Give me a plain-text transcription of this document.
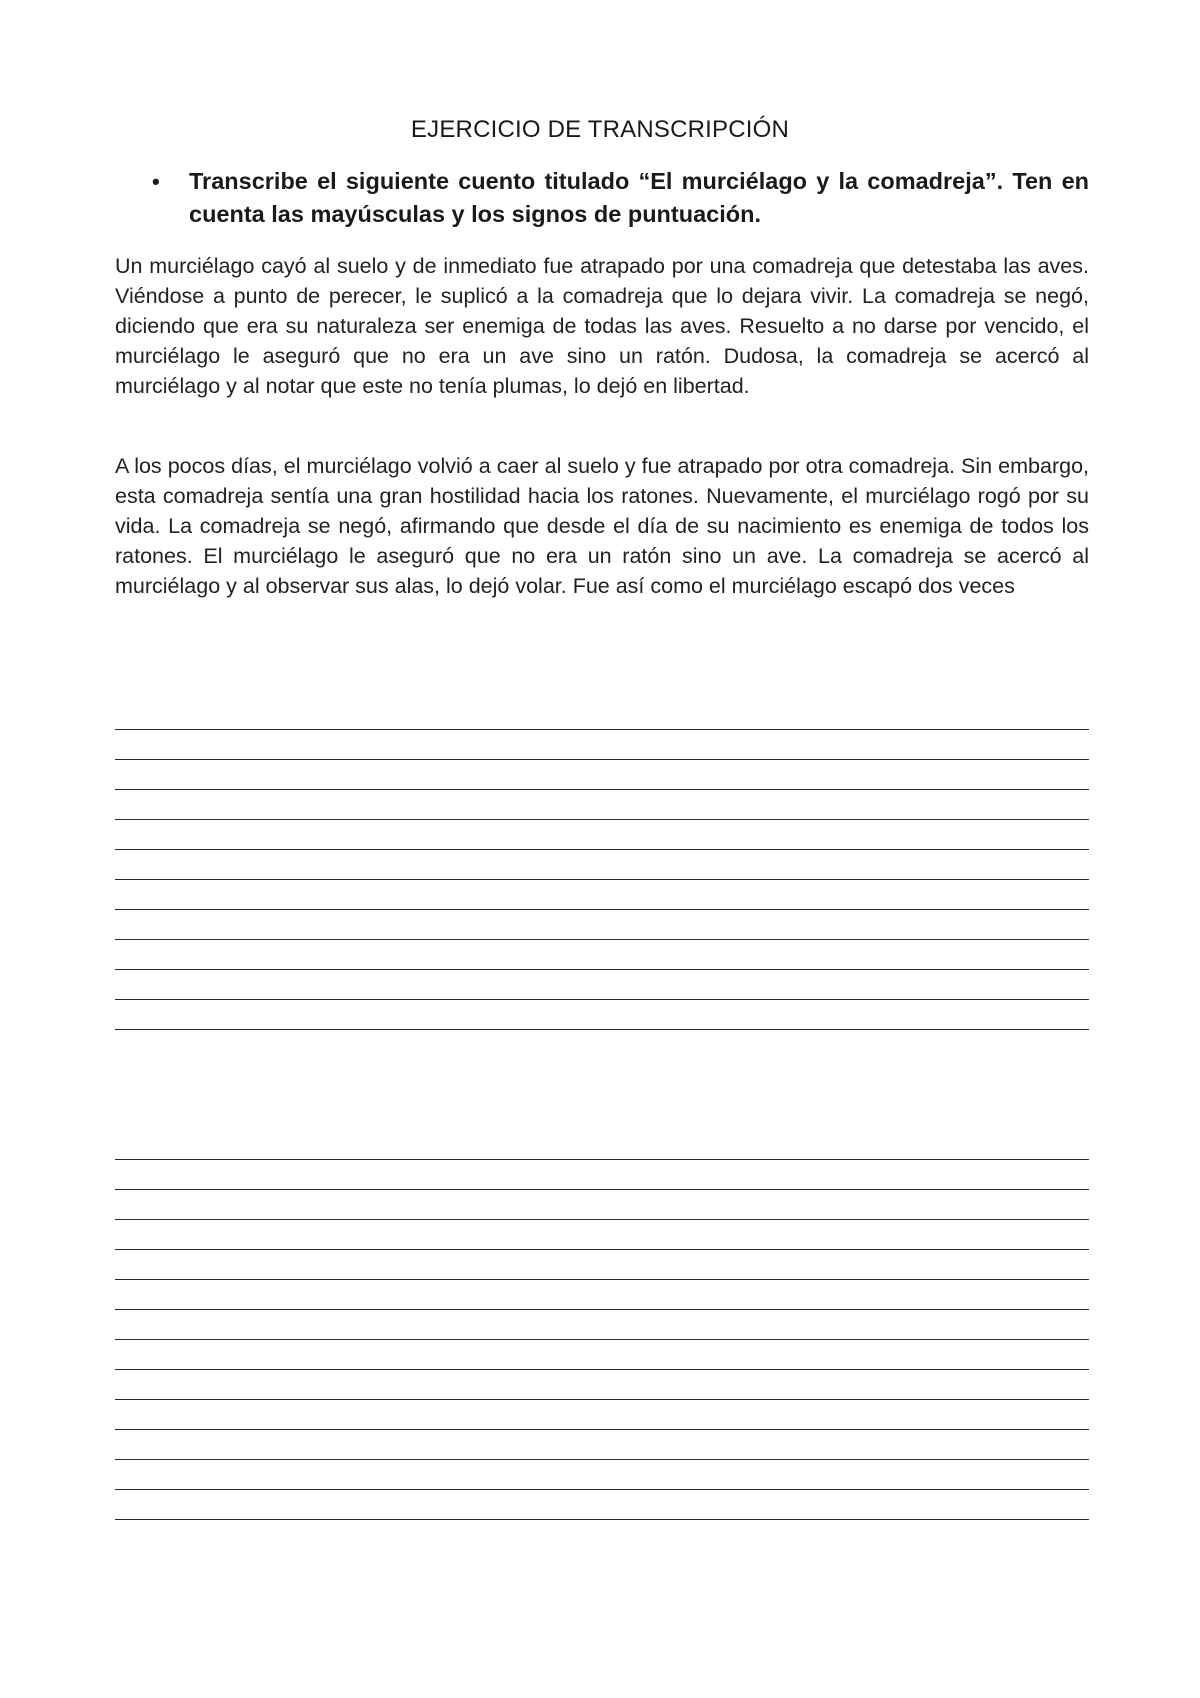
EJERCICIO DE TRANSCRIPCIÓN
• Transcribe el siguiente cuento titulado “El murciélago y la comadreja”. Ten en cuenta las mayúsculas y los signos de puntuación.

Un murciélago cayó al suelo y de inmediato fue atrapado por una comadreja que detestaba las aves. Viéndose a punto de perecer, le suplicó a la comadreja que lo dejara vivir. La comadreja se negó, diciendo que era su naturaleza ser enemiga de todas las aves. Resuelto a no darse por vencido, el murciélago le aseguró que no era un ave sino un ratón. Dudosa, la comadreja se acercó al murciélago y al notar que este no tenía plumas, lo dejó en libertad.

A los pocos días, el murciélago volvió a caer al suelo y fue atrapado por otra comadreja. Sin embargo, esta comadreja sentía una gran hostilidad hacia los ratones. Nuevamente, el murciélago rogó por su vida. La comadreja se negó, afirmando que desde el día de su nacimiento es enemiga de todos los ratones. El murciélago le aseguró que no era un ratón sino un ave. La comadreja se acercó al murciélago y al observar sus alas, lo dejó volar. Fue así como el murciélago escapó dos veces
